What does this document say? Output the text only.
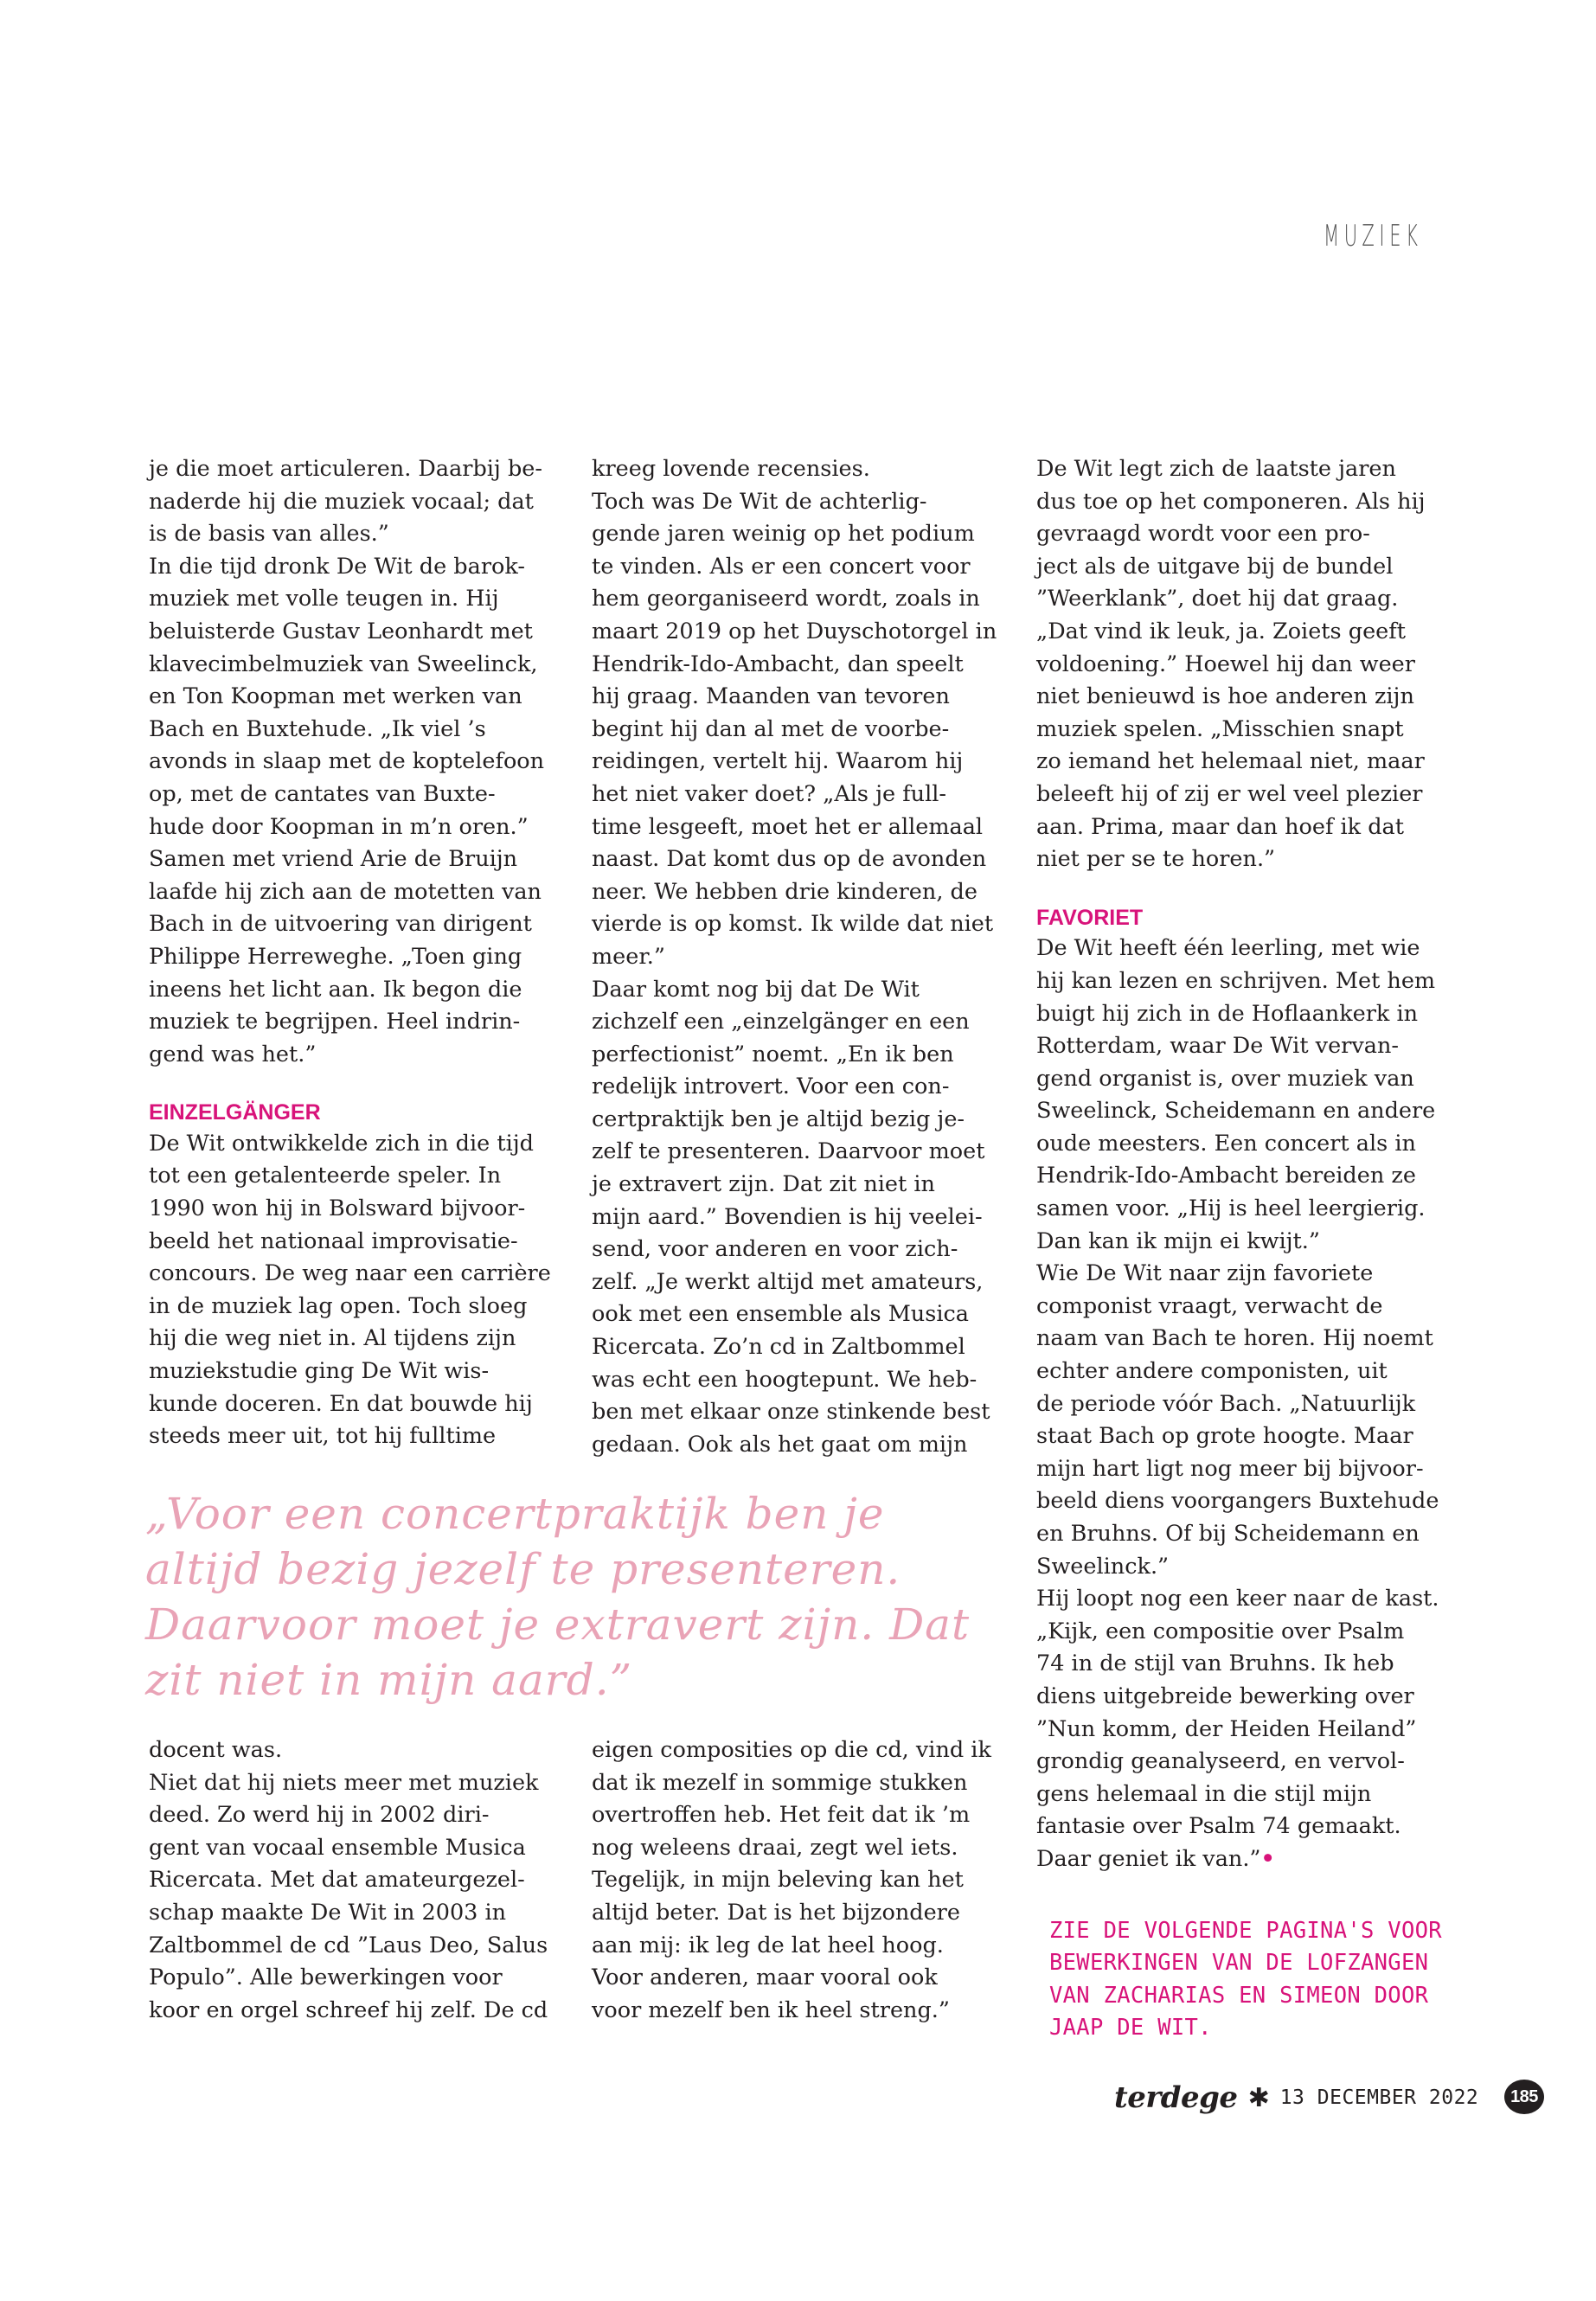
MUZIEK
je die moet articuleren. Daarbij be-
naderde hij die muziek vocaal; dat
is de basis van alles.”
In die tijd dronk De Wit de barok-
muziek met volle teugen in. Hij
beluisterde Gustav Leonhardt met
klavecimbelmuziek van Sweelinck,
en Ton Koopman met werken van
Bach en Buxtehude. „Ik viel ’s
avonds in slaap met de koptelefoon
op, met de cantates van Buxte-
hude door Koopman in m’n oren.”
Samen met vriend Arie de Bruijn
laafde hij zich aan de motetten van
Bach in de uitvoering van dirigent
Philippe Herreweghe. „Toen ging
ineens het licht aan. Ik begon die
muziek te begrijpen. Heel indrin-
gend was het.”
EINZELGÄNGER
De Wit ontwikkelde zich in die tijd
tot een getalenteerde speler. In
1990 won hij in Bolsward bijvoor-
beeld het nationaal improvisatie-
concours. De weg naar een carrière
in de muziek lag open. Toch sloeg
hij die weg niet in. Al tijdens zijn
muziekstudie ging De Wit wis-
kunde doceren. En dat bouwde hij
steeds meer uit, tot hij fulltime
docent was.
Niet dat hij niets meer met muziek
deed. Zo werd hij in 2002 diri-
gent van vocaal ensemble Musica
Ricercata. Met dat amateurgezel-
schap maakte De Wit in 2003 in
Zaltbommel de cd ”Laus Deo, Salus
Populo”. Alle bewerkingen voor
koor en orgel schreef hij zelf. De cd
kreeg lovende recensies.
Toch was De Wit de achterlig-
gende jaren weinig op het podium
te vinden. Als er een concert voor
hem georganiseerd wordt, zoals in
maart 2019 op het Duyschotorgel in
Hendrik-Ido-Ambacht, dan speelt
hij graag. Maanden van tevoren
begint hij dan al met de voorbe-
reidingen, vertelt hij. Waarom hij
het niet vaker doet? „Als je full-
time lesgeeft, moet het er allemaal
naast. Dat komt dus op de avonden
neer. We hebben drie kinderen, de
vierde is op komst. Ik wilde dat niet
meer.”
Daar komt nog bij dat De Wit
zichzelf een „einzelgänger en een
perfectionist” noemt. „En ik ben
redelijk introvert. Voor een con-
certpraktijk ben je altijd bezig je-
zelf te presenteren. Daarvoor moet
je extravert zijn. Dat zit niet in
mijn aard.” Bovendien is hij veelei-
send, voor anderen en voor zich-
zelf. „Je werkt altijd met amateurs,
ook met een ensemble als Musica
Ricercata. Zo’n cd in Zaltbommel
was echt een hoogtepunt. We heb-
ben met elkaar onze stinkende best
gedaan. Ook als het gaat om mijn
eigen composities op die cd, vind ik
dat ik mezelf in sommige stukken
overtroffen heb. Het feit dat ik ’m
nog weleens draai, zegt wel iets.
Tegelijk, in mijn beleving kan het
altijd beter. Dat is het bijzondere
aan mij: ik leg de lat heel hoog.
Voor anderen, maar vooral ook
voor mezelf ben ik heel streng.”
De Wit legt zich de laatste jaren
dus toe op het componeren. Als hij
gevraagd wordt voor een pro-
ject als de uitgave bij de bundel
”Weerklank”, doet hij dat graag.
„Dat vind ik leuk, ja. Zoiets geeft
voldoening.” Hoewel hij dan weer
niet benieuwd is hoe anderen zijn
muziek spelen. „Misschien snapt
zo iemand het helemaal niet, maar
beleeft hij of zij er wel veel plezier
aan. Prima, maar dan hoef ik dat
niet per se te horen.”
FAVORIET
De Wit heeft één leerling, met wie
hij kan lezen en schrijven. Met hem
buigt hij zich in de Hoflaankerk in
Rotterdam, waar De Wit vervan-
gend organist is, over muziek van
Sweelinck, Scheidemann en andere
oude meesters. Een concert als in
Hendrik-Ido-Ambacht bereiden ze
samen voor. „Hij is heel leergierig.
Dan kan ik mijn ei kwijt.”
Wie De Wit naar zijn favoriete
componist vraagt, verwacht de
naam van Bach te horen. Hij noemt
echter andere componisten, uit
de periode vóór Bach. „Natuurlijk
staat Bach op grote hoogte. Maar
mijn hart ligt nog meer bij bijvoor-
beeld diens voorgangers Buxtehude
en Bruhns. Of bij Scheidemann en
Sweelinck.”
Hij loopt nog een keer naar de kast.
„Kijk, een compositie over Psalm
74 in de stijl van Bruhns. Ik heb
diens uitgebreide bewerking over
”Nun komm, der Heiden Heiland”
grondig geanalyseerd, en vervol-
gens helemaal in die stijl mijn
fantasie over Psalm 74 gemaakt.
Daar geniet ik van.”•
„Voor een concertpraktijk ben je
altijd bezig jezelf te presenteren.
Daarvoor moet je extravert zijn. Dat
zit niet in mijn aard.”
ZIE DE VOLGENDE PAGINA'S VOOR
BEWERKINGEN VAN DE LOFZANGEN
VAN ZACHARIAS EN SIMEON DOOR
JAAP DE WIT.
terdege ✱ 13 DECEMBER 2022	185
